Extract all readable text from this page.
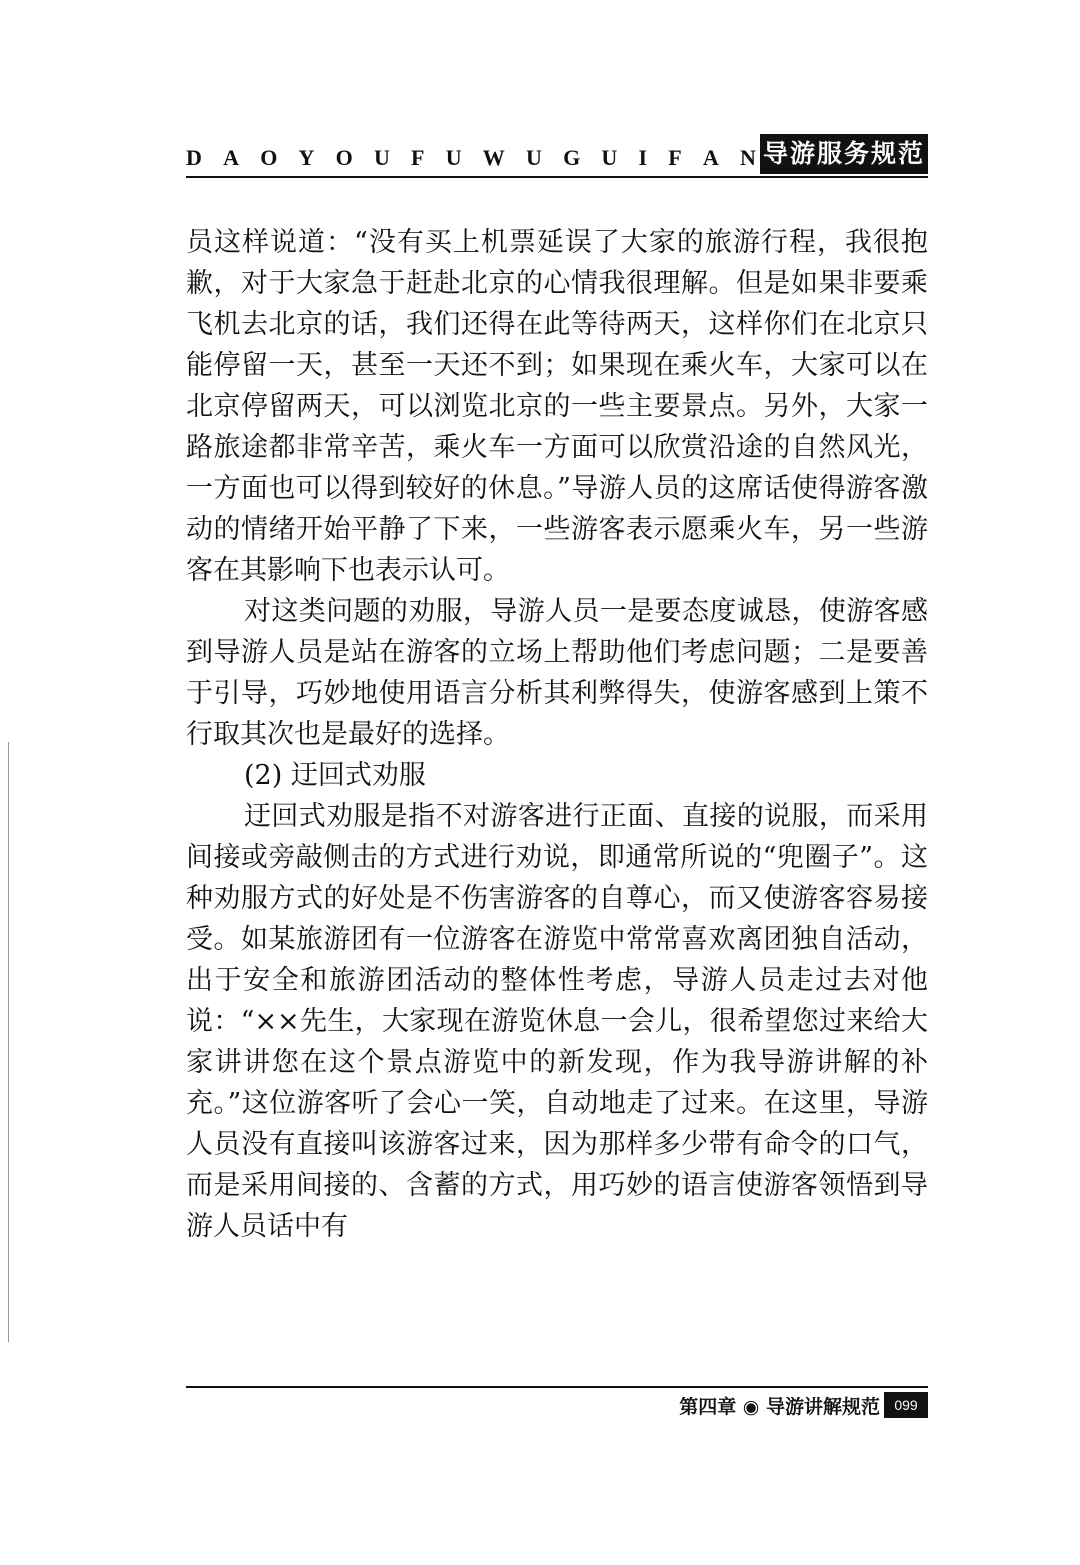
D A O Y O U F U W U G U I F A N 导游服务规范

员这样说道：“没有买上机票延误了大家的旅游行程，我很抱歉，对于大家急于赶赴北京的心情我很理解。但是如果非要乘飞机去北京的话，我们还得在此等待两天，这样你们在北京只能停留一天，甚至一天还不到；如果现在乘火车，大家可以在北京停留两天，可以浏览北京的一些主要景点。另外，大家一路旅途都非常辛苦，乘火车一方面可以欣赏沿途的自然风光，一方面也可以得到较好的休息。”导游人员的这席话使得游客激动的情绪开始平静了下来，一些游客表示愿乘火车，另一些游客在其影响下也表示认可。

对这类问题的劝服，导游人员一是要态度诚恳，使游客感到导游人员是站在游客的立场上帮助他们考虑问题；二是要善于引导，巧妙地使用语言分析其利弊得失，使游客感到上策不行取其次也是最好的选择。

(2) 迂回式劝服

迂回式劝服是指不对游客进行正面、直接的说服，而采用间接或旁敲侧击的方式进行劝说，即通常所说的“兜圈子”。这种劝服方式的好处是不伤害游客的自尊心，而又使游客容易接受。如某旅游团有一位游客在游览中常常喜欢离团独自活动，出于安全和旅游团活动的整体性考虑，导游人员走过去对他说：“××先生，大家现在游览休息一会儿，很希望您过来给大家讲讲您在这个景点游览中的新发现，作为我导游讲解的补充。”这位游客听了会心一笑，自动地走了过来。在这里，导游人员没有直接叫该游客过来，因为那样多少带有命令的口气，而是采用间接的、含蓄的方式，用巧妙的语言使游客领悟到导游人员话中有

第四章 ◉ 导游讲解规范	099
